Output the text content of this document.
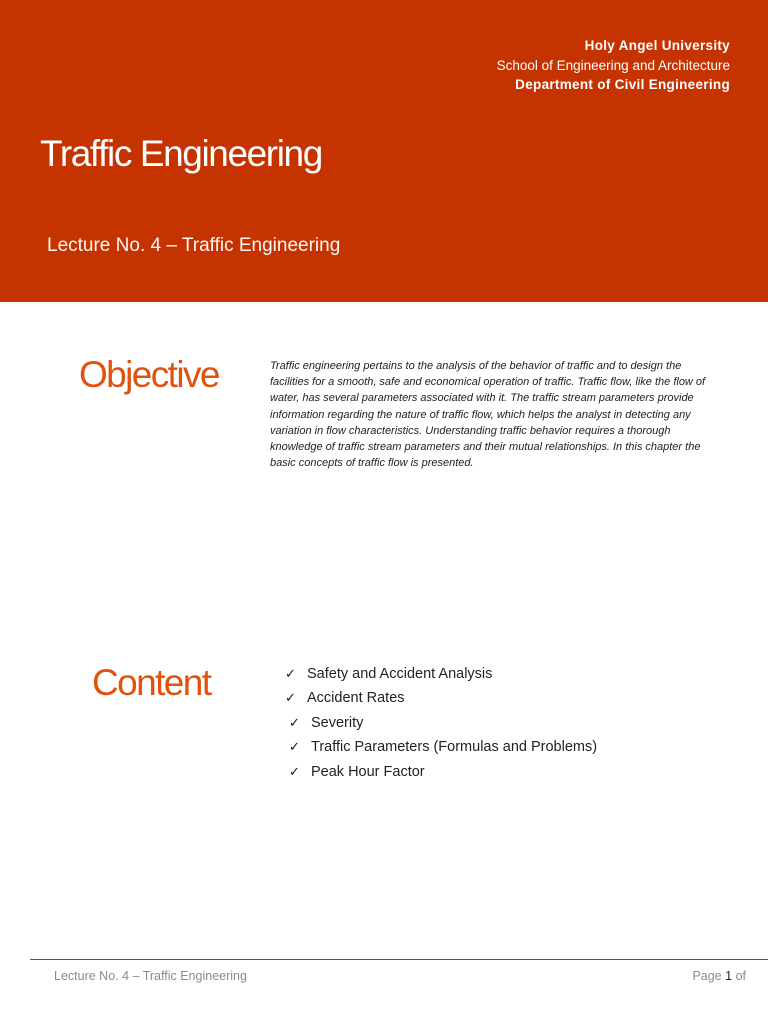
Holy Angel University
School of Engineering and Architecture
Department of Civil Engineering
Traffic Engineering
Lecture No. 4 – Traffic Engineering
Objective	Traffic engineering pertains to the analysis of the behavior of traffic and to design the facilities for a smooth, safe and economical operation of traffic. Traffic flow, like the flow of water, has several parameters associated with it. The traffic stream parameters provide information regarding the nature of traffic flow, which helps the analyst in detecting any variation in flow characteristics. Understanding traffic behavior requires a thorough knowledge of traffic stream parameters and their mutual relationships. In this chapter the basic concepts of traffic flow is presented.
Content	✓ Safety and Accident Analysis
✓ Accident Rates
✓ Severity
✓ Traffic Parameters (Formulas and Problems)
✓ Peak Hour Factor
Lecture No. 4 – Traffic Engineering	Page 1 of
